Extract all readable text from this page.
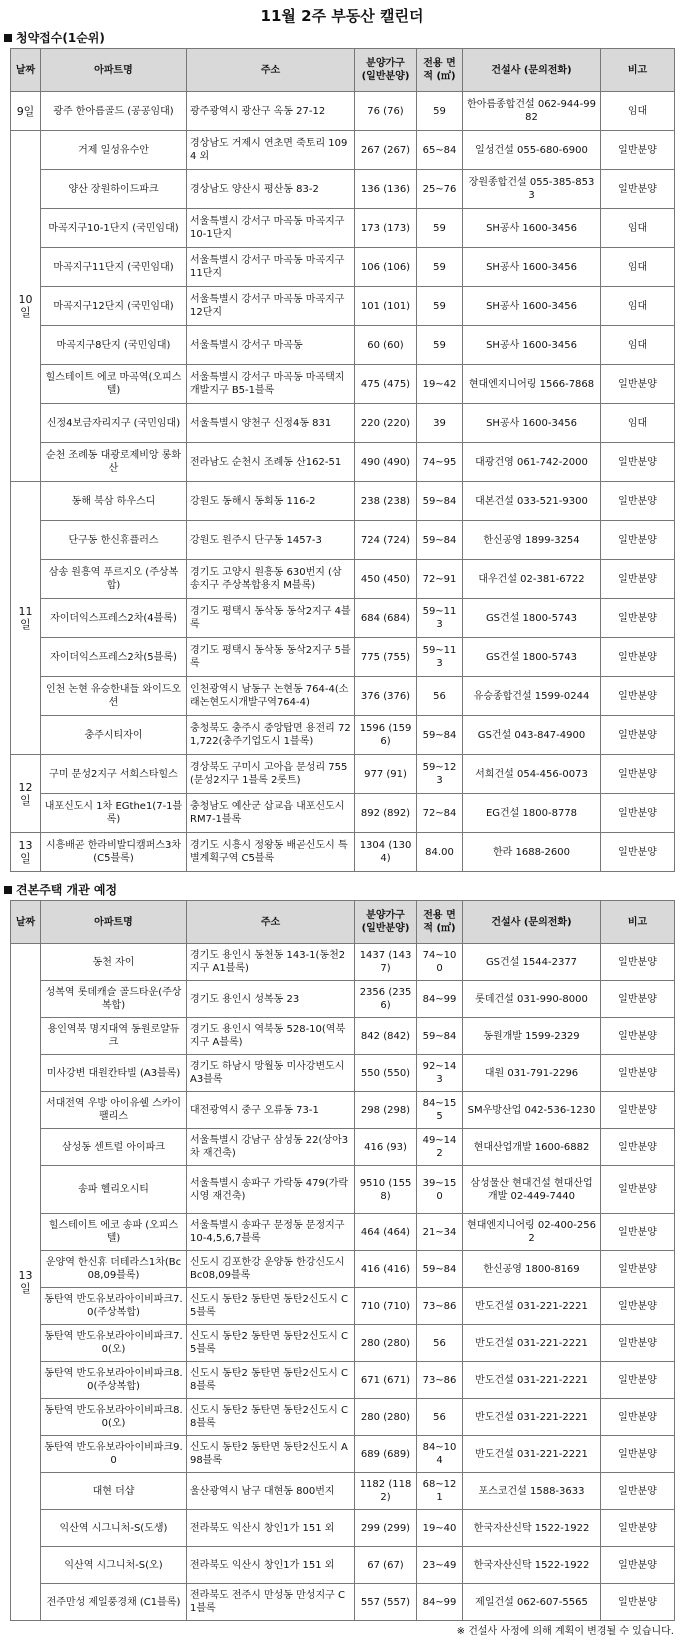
11월 2주 부동산 캘린더
청약접수(1순위)
날짜	아파트명	주소	분양가구 (일반분양)	전용 면적 (㎡)	건설사 (문의전화)	비고
9일	광주 한아름골드 (공공임대)	광주광역시 광산구 옥동 27-12	76 (76)	59	한아름종합건설 062-944-9982	임대
10일	거제 일성유수안	경상남도 거제시 연초면 죽토리 1094 외	267 (267)	65~84	일성건설 055-680-6900	일반분양
	양산 장원하이드파크	경상남도 양산시 평산동 83-2	136 (136)	25~76	장원종합건설 055-385-8533	일반분양
	마곡지구10-1단지 (국민임대)	서울특별시 강서구 마곡동 마곡지구 10-1단지	173 (173)	59	SH공사 1600-3456	임대
	마곡지구11단지 (국민임대)	서울특별시 강서구 마곡동 마곡지구 11단지	106 (106)	59	SH공사 1600-3456	임대
	마곡지구12단지 (국민임대)	서울특별시 강서구 마곡동 마곡지구 12단지	101 (101)	59	SH공사 1600-3456	임대
	마곡지구8단지 (국민임대)	서울특별시 강서구 마곡동	60 (60)	59	SH공사 1600-3456	임대
	힐스테이트 에코 마곡역(오피스텔)	서울특별시 강서구 마곡동 마곡택지개발지구 B5-1블록	475 (475)	19~42	현대엔지니어링 1566-7868	일반분양
	신정4보금자리지구 (국민임대)	서울특별시 양천구 신정4동 831	220 (220)	39	SH공사 1600-3456	임대
	순천 조례동 대광로제비앙 롱화산	전라남도 순천시 조례동 산162-51	490 (490)	74~95	대광건영 061-742-2000	일반분양
11일	동해 북삼 하우스디	강원도 동해시 동회동 116-2	238 (238)	59~84	대본건설 033-521-9300	일반분양
	단구동 한신휴플러스	강원도 원주시 단구동 1457-3	724 (724)	59~84	한신공영 1899-3254	일반분양
	삼송 원흥역 푸르지오 (주상복합)	경기도 고양시 원흥동 630번지 (삼송지구 주상복합용지 M블록)	450 (450)	72~91	대우건설 02-381-6722	일반분양
	자이더익스프레스2차(4블록)	경기도 평택시 동삭동 동삭2지구 4블록	684 (684)	59~113	GS건설 1800-5743	일반분양
	자이더익스프레스2차(5블록)	경기도 평택시 동삭동 동삭2지구 5블록	775 (755)	59~113	GS건설 1800-5743	일반분양
	인천 논현 유승한내들 와이드오션	인천광역시 남동구 논현동 764-4(소래논현도시개발구역764-4)	376 (376)	56	유승종합건설 1599-0244	일반분양
	충주시티자이	충청북도 충주시 중앙탑면 용전리 721,722(충주기업도시 1블록)	1596 (1596)	59~84	GS건설 043-847-4900	일반분양
12일	구미 문성2지구 서희스타힐스	경상북도 구미시 고아읍 문성리 755(문성2지구 1블록 2롯트)	977 (91)	59~123	서희건설 054-456-0073	일반분양
	내포신도시 1차 EGthe1(7-1블록)	충청남도 예산군 삽교읍 내포신도시 RM7-1블록	892 (892)	72~84	EG건설 1800-8778	일반분양
13일	시흥배곧 한라비발디캠퍼스3차(C5블록)	경기도 시흥시 정왕동 배곧신도시 특별계획구역 C5블록	1304 (1304)	84.00	한라 1688-2600	일반분양
견본주택 개관 예정
날짜	아파트명	주소	분양가구 (일반분양)	전용 면적 (㎡)	건설사 (문의전화)	비고
13일	동천 자이	경기도 용인시 동천동 143-1(동천2지구 A1블록)	1437 (1437)	74~100	GS건설 1544-2377	일반분양
	성복역 롯데캐슬 골드타운(주상복합)	경기도 용인시 성복동 23	2356 (2356)	84~99	롯데건설 031-990-8000	일반분양
	용인역북 명지대역 동원로얄듀크	경기도 용인시 역북동 528-10(역북지구 A블록)	842 (842)	59~84	동원개발 1599-2329	일반분양
	미사강변 대원칸타빌 (A3블록)	경기도 하남시 망월동 미사강변도시 A3블록	550 (550)	92~143	대원 031-791-2296	일반분양
	서대전역 우방 아이유쉘 스카이팰리스	대전광역시 중구 오류동 73-1	298 (298)	84~155	SM우방산업 042-536-1230	일반분양
	삼성동 센트럴 아이파크	서울특별시 강남구 삼성동 22(상아3차 재건축)	416 (93)	49~142	현대산업개발 1600-6882	일반분양
	송파 헬리오시티	서울특별시 송파구 가락동 479(가락시영 재건축)	9510 (1558)	39~150	삼성물산 현대건설 현대산업개발 02-449-7440	일반분양
	힐스테이트 에코 송파 (오피스텔)	서울특별시 송파구 문정동 문정지구 10-4,5,6,7블록	464 (464)	21~34	현대엔지니어링 02-400-2562	일반분양
	운양역 한신휴 더테라스1차(Bc08,09블록)	신도시 김포한강 운양동 한강신도시 Bc08,09블록	416 (416)	59~84	한신공영 1800-8169	일반분양
	동탄역 반도유보라아이비파크7.0(주상복합)	신도시 동탄2 동탄면 동탄2신도시 C5블록	710 (710)	73~86	반도건설 031-221-2221	일반분양
	동탄역 반도유보라아이비파크7.0(오)	신도시 동탄2 동탄면 동탄2신도시 C5블록	280 (280)	56	반도건설 031-221-2221	일반분양
	동탄역 반도유보라아이비파크8.0(주상복합)	신도시 동탄2 동탄면 동탄2신도시 C8블록	671 (671)	73~86	반도건설 031-221-2221	일반분양
	동탄역 반도유보라아이비파크8.0(오)	신도시 동탄2 동탄면 동탄2신도시 C8블록	280 (280)	56	반도건설 031-221-2221	일반분양
	동탄역 반도유보라아이비파크9.0	신도시 동탄2 동탄면 동탄2신도시 A98블록	689 (689)	84~104	반도건설 031-221-2221	일반분양
	대현 더샵	울산광역시 남구 대현동 800번지	1182 (1182)	68~121	포스코건설 1588-3633	일반분양
	익산역 시그니처-S(도생)	전라북도 익산시 창인1가 151 외	299 (299)	19~40	한국자산신탁 1522-1922	일반분양
	익산역 시그니처-S(오)	전라북도 익산시 창인1가 151 외	67 (67)	23~49	한국자산신탁 1522-1922	일반분양
	전주만성 제일풍경채 (C1블록)	전라북도 전주시 만성동 만성지구 C1블록	557 (557)	84~99	제일건설 062-607-5565	일반분양
※ 건설사 사정에 의해 계획이 변경될 수 있습니다.
